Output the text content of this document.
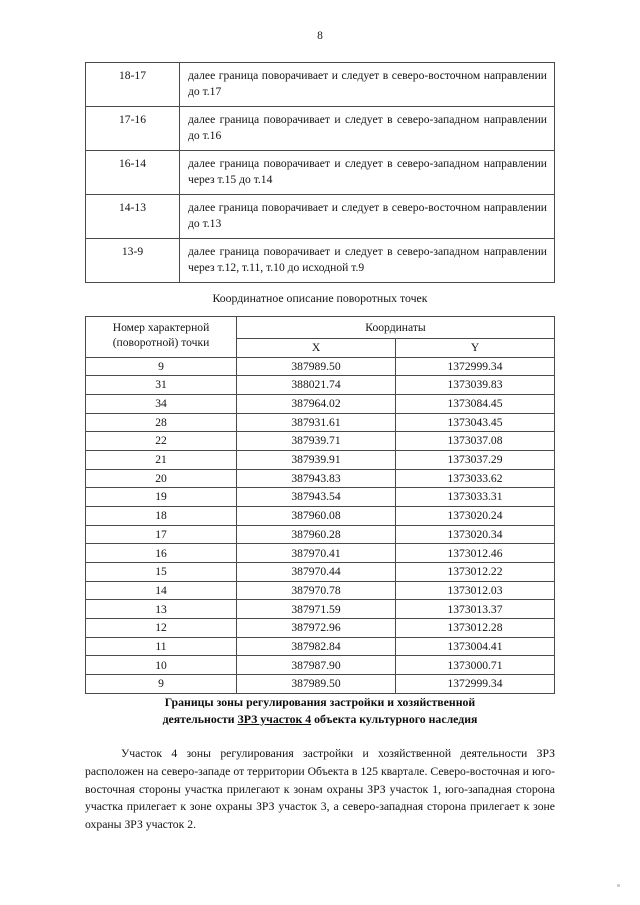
8
18-17	далее граница поворачивает и следует в северо-восточном направлении до т.17
17-16	далее граница поворачивает и следует в северо-западном направлении до т.16
16-14	далее граница поворачивает и следует в северо-западном направлении через т.15 до т.14
14-13	далее граница поворачивает и следует в северо-восточном направлении до т.13
13-9	далее граница поворачивает и следует в северо-западном направлении через т.12, т.11, т.10 до исходной т.9
Координатное описание поворотных точек
Номер характерной
(поворотной) точки	Координаты	
	X	Y
9	387989.50	1372999.34
31	388021.74	1373039.83
34	387964.02	1373084.45
28	387931.61	1373043.45
22	387939.71	1373037.08
21	387939.91	1373037.29
20	387943.83	1373033.62
19	387943.54	1373033.31
18	387960.08	1373020.24
17	387960.28	1373020.34
16	387970.41	1373012.46
15	387970.44	1373012.22
14	387970.78	1373012.03
13	387971.59	1373013.37
12	387972.96	1373012.28
11	387982.84	1373004.41
10	387987.90	1373000.71
9	387989.50	1372999.34
Границы зоны регулирования застройки и хозяйственной
деятельности ЗРЗ участок 4 объекта культурного наследия
Участок 4 зоны регулирования застройки и хозяйственной деятельности ЗРЗ расположен на северо-западе от территории Объекта в 125 квартале. Северо-восточная и юго-восточная стороны участка прилегают к зонам охраны ЗРЗ участок 1, юго-западная сторона участка прилегает к зоне охраны ЗРЗ участок 3, а северо-западная сторона прилегает к зоне охраны ЗРЗ участок 2.
